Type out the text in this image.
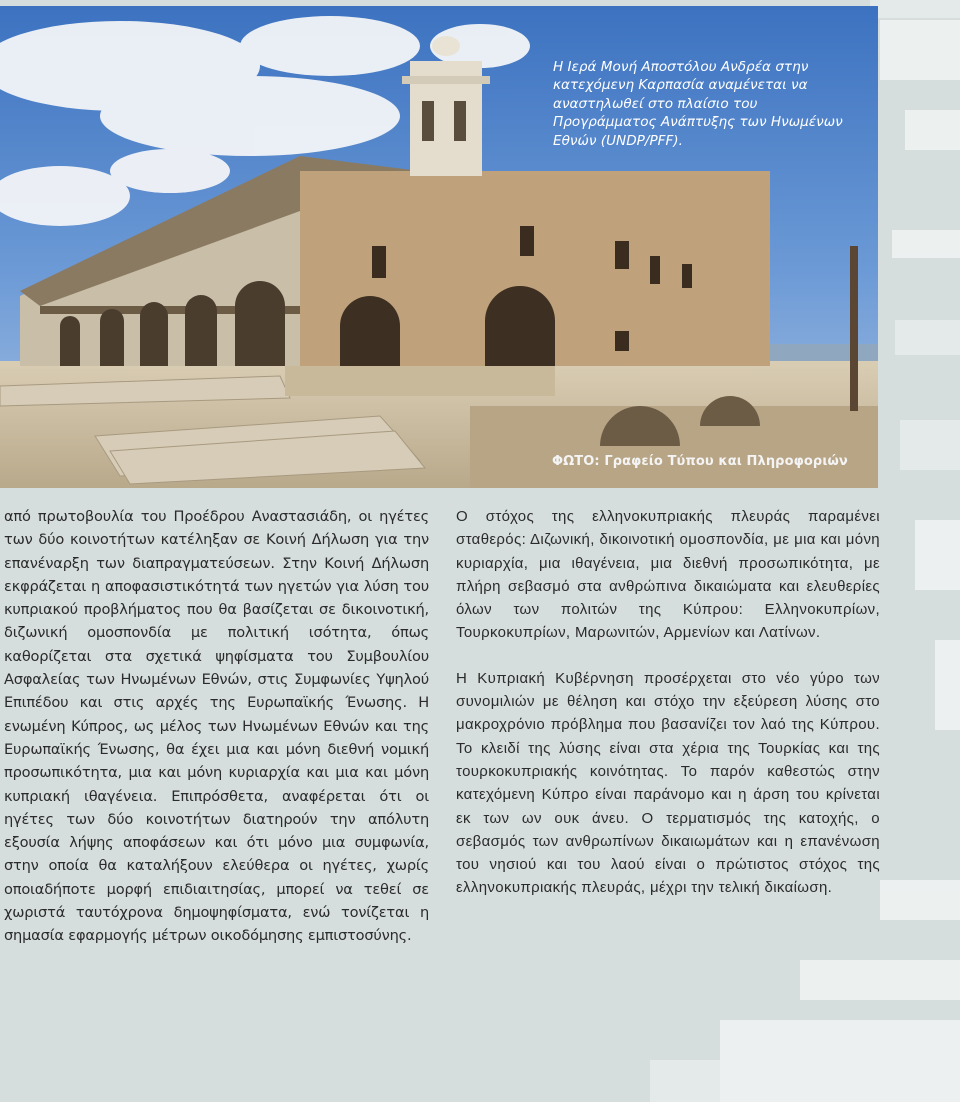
Η Ιερά Μονή Αποστόλου Ανδρέα στην κατεχόμενη Καρπασία αναμένεται να αναστηλωθεί στο πλαίσιο του Προγράμματος Ανάπτυξης των Ηνωμένων Εθνών (UNDP/PFF).
ΦΩΤΟ: Γραφείο Τύπου και Πληροφοριών

από πρωτοβουλία του Προέδρου Αναστασιάδη, οι ηγέτες των δύο κοινοτήτων κατέληξαν σε Κοινή Δήλωση για την επανέναρξη των διαπραγματεύσεων. Στην Κοινή Δήλωση εκφράζεται η αποφασιστικότητά των ηγετών για λύση του κυπριακού προβλήματος που θα βασίζεται σε δικοινοτική, διζωνική ομοσπονδία με πολιτική ισότητα, όπως καθορίζεται στα σχετικά ψηφίσματα του Συμβουλίου Ασφαλείας των Ηνωμένων Εθνών, στις Συμφωνίες Υψηλού Επιπέδου και στις αρχές της Ευρωπαϊκής Ένωσης. Η ενωμένη Κύπρος, ως μέλος των Ηνωμένων Εθνών και της Ευρωπαϊκής Ένωσης, θα έχει μια και μόνη διεθνή νομική προσωπικότητα, μια και μόνη κυριαρχία και μια και μόνη κυπριακή ιθαγένεια. Επιπρόσθετα, αναφέρεται ότι οι ηγέτες των δύο κοινοτήτων διατηρούν την απόλυτη εξουσία λήψης αποφάσεων και ότι μόνο μια συμφωνία, στην οποία θα καταλήξουν ελεύθερα οι ηγέτες, χωρίς οποιαδήποτε μορφή επιδιαιτησίας, μπορεί να τεθεί σε χωριστά ταυτόχρονα δημοψηφίσματα, ενώ τονίζεται η σημασία εφαρμογής μέτρων οικοδόμησης εμπιστοσύνης.

Ο στόχος της ελληνοκυπριακής πλευράς παραμένει σταθερός: Διζωνική, δικοινοτική ομοσπονδία, με μια και μόνη κυριαρχία, μια ιθαγένεια, μια διεθνή προσωπικότητα, με πλήρη σεβασμό στα ανθρώπινα δικαιώματα και ελευθερίες όλων των πολιτών της Κύπρου: Ελληνοκυπρίων, Τουρκοκυπρίων, Μαρωνιτών, Αρμενίων και Λατίνων.

Η Κυπριακή Κυβέρνηση προσέρχεται στο νέο γύρο των συνομιλιών με θέληση και στόχο την εξεύρεση λύσης στο μακροχρόνιο πρόβλημα που βασανίζει τον λαό της Κύπρου. Το κλειδί της λύσης είναι στα χέρια της Τουρκίας και της τουρκοκυπριακής κοινότητας. Το παρόν καθεστώς στην κατεχόμενη Κύπρο είναι παράνομο και η άρση του κρίνεται εκ των ων ουκ άνευ. Ο τερματισμός της κατοχής, ο σεβασμός των ανθρωπίνων δικαιωμάτων και η επανένωση του νησιού και του λαού είναι ο πρώτιστος στόχος της ελληνοκυπριακής πλευράς, μέχρι την τελική δικαίωση.
